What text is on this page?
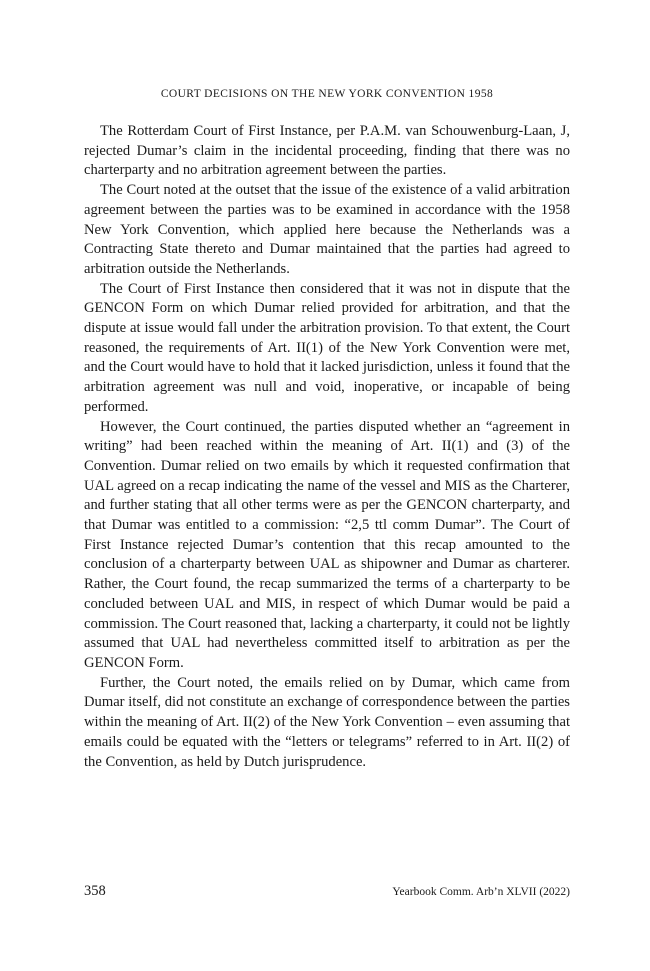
COURT DECISIONS ON THE NEW YORK CONVENTION 1958

The Rotterdam Court of First Instance, per P.A.M. van Schouwenburg-Laan, J, rejected Dumar’s claim in the incidental proceeding, finding that there was no charterparty and no arbitration agreement between the parties.

The Court noted at the outset that the issue of the existence of a valid arbitration agreement between the parties was to be examined in accordance with the 1958 New York Convention, which applied here because the Netherlands was a Contracting State thereto and Dumar maintained that the parties had agreed to arbitration outside the Netherlands.

The Court of First Instance then considered that it was not in dispute that the GENCON Form on which Dumar relied provided for arbitration, and that the dispute at issue would fall under the arbitration provision. To that extent, the Court reasoned, the requirements of Art. II(1) of the New York Convention were met, and the Court would have to hold that it lacked jurisdiction, unless it found that the arbitration agreement was null and void, inoperative, or incapable of being performed.

However, the Court continued, the parties disputed whether an “agreement in writing” had been reached within the meaning of Art. II(1) and (3) of the Convention. Dumar relied on two emails by which it requested confirmation that UAL agreed on a recap indicating the name of the vessel and MIS as the Charterer, and further stating that all other terms were as per the GENCON charterparty, and that Dumar was entitled to a commission: “2,5 ttl comm Dumar”. The Court of First Instance rejected Dumar’s contention that this recap amounted to the conclusion of a charterparty between UAL as shipowner and Dumar as charterer. Rather, the Court found, the recap summarized the terms of a charterparty to be concluded between UAL and MIS, in respect of which Dumar would be paid a commission. The Court reasoned that, lacking a charterparty, it could not be lightly assumed that UAL had nevertheless committed itself to arbitration as per the GENCON Form.

Further, the Court noted, the emails relied on by Dumar, which came from Dumar itself, did not constitute an exchange of correspondence between the parties within the meaning of Art. II(2) of the New York Convention – even assuming that emails could be equated with the “letters or telegrams” referred to in Art. II(2) of the Convention, as held by Dutch jurisprudence.

358	Yearbook Comm. Arb’n XLVII (2022)
